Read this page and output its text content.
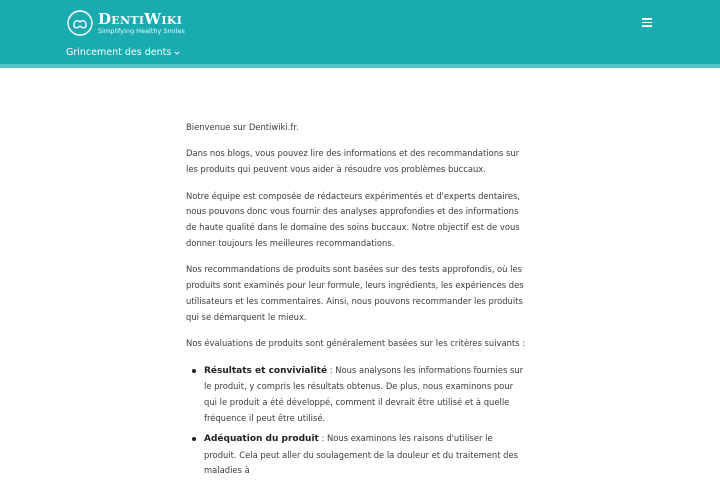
DentiWiki
Simplifying Healthy Smiles
Grincement des dents

Bienvenue sur Dentiwiki.fr.

Dans nos blogs, vous pouvez lire des informations et des recommandations sur les produits qui peuvent vous aider à résoudre vos problèmes buccaux.

Notre équipe est composée de rédacteurs expérimentés et d'experts dentaires, nous pouvons donc vous fournir des analyses approfondies et des informations de haute qualité dans le domaine des soins buccaux. Notre objectif est de vous donner toujours les meilleures recommandations.

Nos recommandations de produits sont basées sur des tests approfondis, où les produits sont examinés pour leur formule, leurs ingrédients, les expériences des utilisateurs et les commentaires. Ainsi, nous pouvons recommander les produits qui se démarquent le mieux.

Nos évaluations de produits sont généralement basées sur les critères suivants :

Résultats et convivialité : Nous analysons les informations fournies sur le produit, y compris les résultats obtenus. De plus, nous examinons pour qui le produit a été développé, comment il devrait être utilisé et à quelle fréquence il peut être utilisé.
Adéquation du produit : Nous examinons les raisons d'utiliser le produit. Cela peut aller du soulagement de la douleur et du traitement des maladies à
